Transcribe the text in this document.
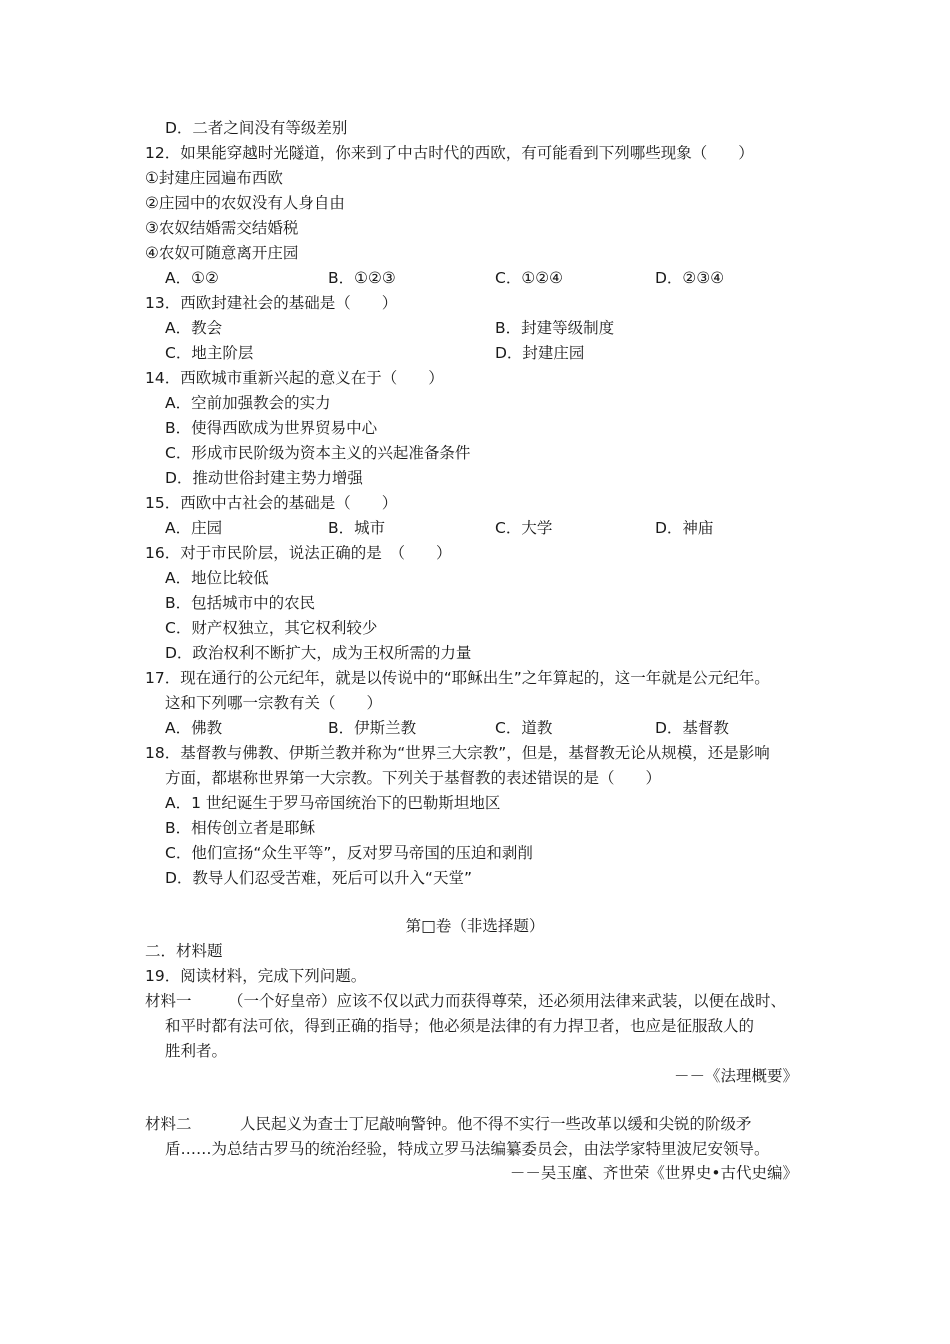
D．二者之间没有等级差别
12．如果能穿越时光隧道，你来到了中古时代的西欧，有可能看到下列哪些现象（　　）
①封建庄园遍布西欧
②庄园中的农奴没有人身自由
③农奴结婚需交结婚税
④农奴可随意离开庄园
A．①②	B．①②③	C．①②④	D．②③④
13．西欧封建社会的基础是（　　）
A．教会	B．封建等级制度
C．地主阶层	D．封建庄园
14．西欧城市重新兴起的意义在于（　　）
A．空前加强教会的实力
B．使得西欧成为世界贸易中心
C．形成市民阶级为资本主义的兴起准备条件
D．推动世俗封建主势力增强
15．西欧中古社会的基础是（　　）
A．庄园	B．城市	C．大学	D．神庙
16．对于市民阶层，说法正确的是　（　　）
A．地位比较低
B．包括城市中的农民
C．财产权独立，其它权利较少
D．政治权利不断扩大，成为王权所需的力量
17．现在通行的公元纪年，就是以传说中的“耶稣出生”之年算起的，这一年就是公元纪年。
这和下列哪一宗教有关（　　）
A．佛教	B．伊斯兰教	C．道教	D．基督教
18．基督教与佛教、伊斯兰教并称为“世界三大宗教”，但是，基督教无论从规模，还是影响
方面，都堪称世界第一大宗教。下列关于基督教的表述错误的是（　　）
A．1 世纪诞生于罗马帝国统治下的巴勒斯坦地区
B．相传创立者是耶稣
C．他们宣扬“众生平等”，反对罗马帝国的压迫和剥削
D．教导人们忍受苦难，死后可以升入“天堂”
第□卷（非选择题）
二．材料题
19．阅读材料，完成下列问题。
材料一 （一个好皇帝）应该不仅以武力而获得尊荣，还必须用法律来武装，以便在战时、
和平时都有法可依，得到正确的指导；他必须是法律的有力捍卫者，也应是征服敌人的
胜利者。
－－《法理概要》
材料二	人民起义为查士丁尼敲响警钟。他不得不实行一些改革以缓和尖锐的阶级矛
盾……为总结古罗马的统治经验，特成立罗马法编纂委员会，由法学家特里波尼安领导。
－－吴玉廑、齐世荣《世界史•古代史编》
